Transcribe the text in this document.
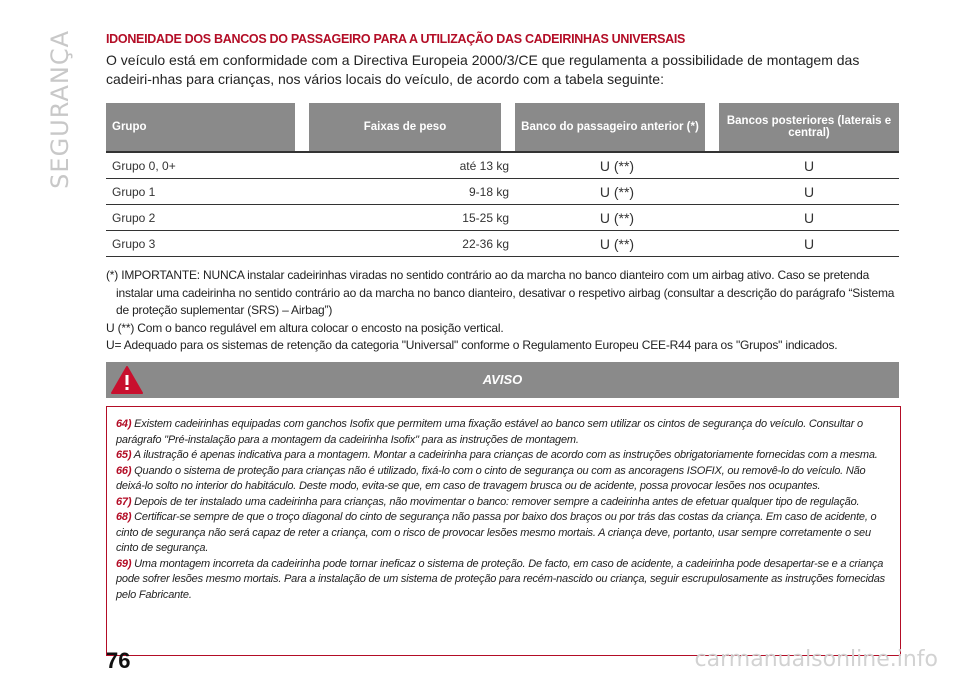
SEGURANÇA	IDONEIDADE DOS BANCOS DO PASSAGEIRO PARA A UTILIZAÇÃO DAS CADEIRINHAS UNIVERSAIS

O veículo está em conformidade com a Directiva Europeia 2000/3/CE que regulamenta a possibilidade de montagem das cadeiri-nhas para crianças, nos vários locais do veículo, de acordo com a tabela seguinte:

Grupo	Faixas de peso	Banco do passageiro anterior (*)	Bancos posteriores (laterais e central)
Grupo 0, 0+	até 13 kg	U (**)	U
Grupo 1	9-18 kg	U (**)	U
Grupo 2	15-25 kg	U (**)	U
Grupo 3	22-36 kg	U (**)	U
(*) IMPORTANTE: NUNCA instalar cadeirinhas viradas no sentido contrário ao da marcha no banco dianteiro com um airbag ativo. Caso se pretenda instalar uma cadeirinha no sentido contrário ao da marcha no banco dianteiro, desativar o respetivo airbag (consultar a descrição do parágrafo “Sistema de proteção suplementar (SRS) – Airbag”)
U (**) Com o banco regulável em altura colocar o encosto na posição vertical.
U= Adequado para os sistemas de retenção da categoria "Universal" conforme o Regulamento Europeu CEE-R44 para os "Grupos" indicados.
AVISO
64) Existem cadeirinhas equipadas com ganchos Isofix que permitem uma fixação estável ao banco sem utilizar os cintos de segurança do veículo. Consultar o parágrafo "Pré-instalação para a montagem da cadeirinha Isofix" para as instruções de montagem.
65) A ilustração é apenas indicativa para a montagem. Montar a cadeirinha para crianças de acordo com as instruções obrigatoriamente fornecidas com a mesma.
66) Quando o sistema de proteção para crianças não é utilizado, fixá-lo com o cinto de segurança ou com as ancoragens ISOFIX, ou removê-lo do veículo. Não deixá-lo solto no interior do habitáculo. Deste modo, evita-se que, em caso de travagem brusca ou de acidente, possa provocar lesões nos ocupantes.
67) Depois de ter instalado uma cadeirinha para crianças, não movimentar o banco: remover sempre a cadeirinha antes de efetuar qualquer tipo de regulação.
68) Certificar-se sempre de que o troço diagonal do cinto de segurança não passa por baixo dos braços ou por trás das costas da criança. Em caso de acidente, o cinto de segurança não será capaz de reter a criança, com o risco de provocar lesões mesmo mortais. A criança deve, portanto, usar sempre corretamente o seu cinto de segurança.
69) Uma montagem incorreta da cadeirinha pode tornar ineficaz o sistema de proteção. De facto, em caso de acidente, a cadeirinha pode desapertar-se e a criança pode sofrer lesões mesmo mortais. Para a instalação de um sistema de proteção para recém-nascido ou criança, seguir escrupulosamente as instruções fornecidas pelo Fabricante.
76	carmanualsonline.info
